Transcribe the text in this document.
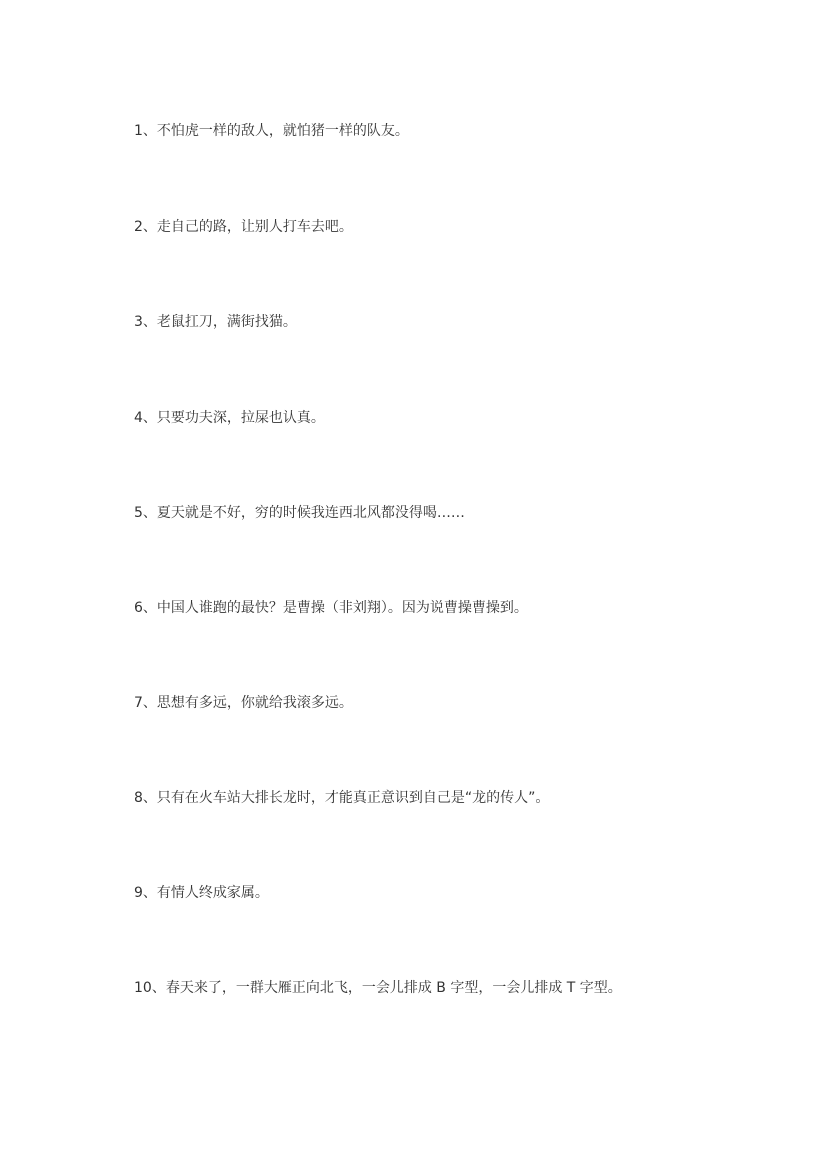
1、不怕虎一样的敌人，就怕猪一样的队友。
2、走自己的路，让别人打车去吧。
3、老鼠扛刀，满街找猫。
4、只要功夫深，拉屎也认真。
5、夏天就是不好，穷的时候我连西北风都没得喝……
6、中国人谁跑的最快？是曹操（非刘翔）。因为说曹操曹操到。
7、思想有多远，你就给我滚多远。
8、只有在火车站大排长龙时，才能真正意识到自己是“龙的传人”。
9、有情人终成家属。
10、春天来了，一群大雁正向北飞，一会儿排成 B 字型，一会儿排成 T 字型。
